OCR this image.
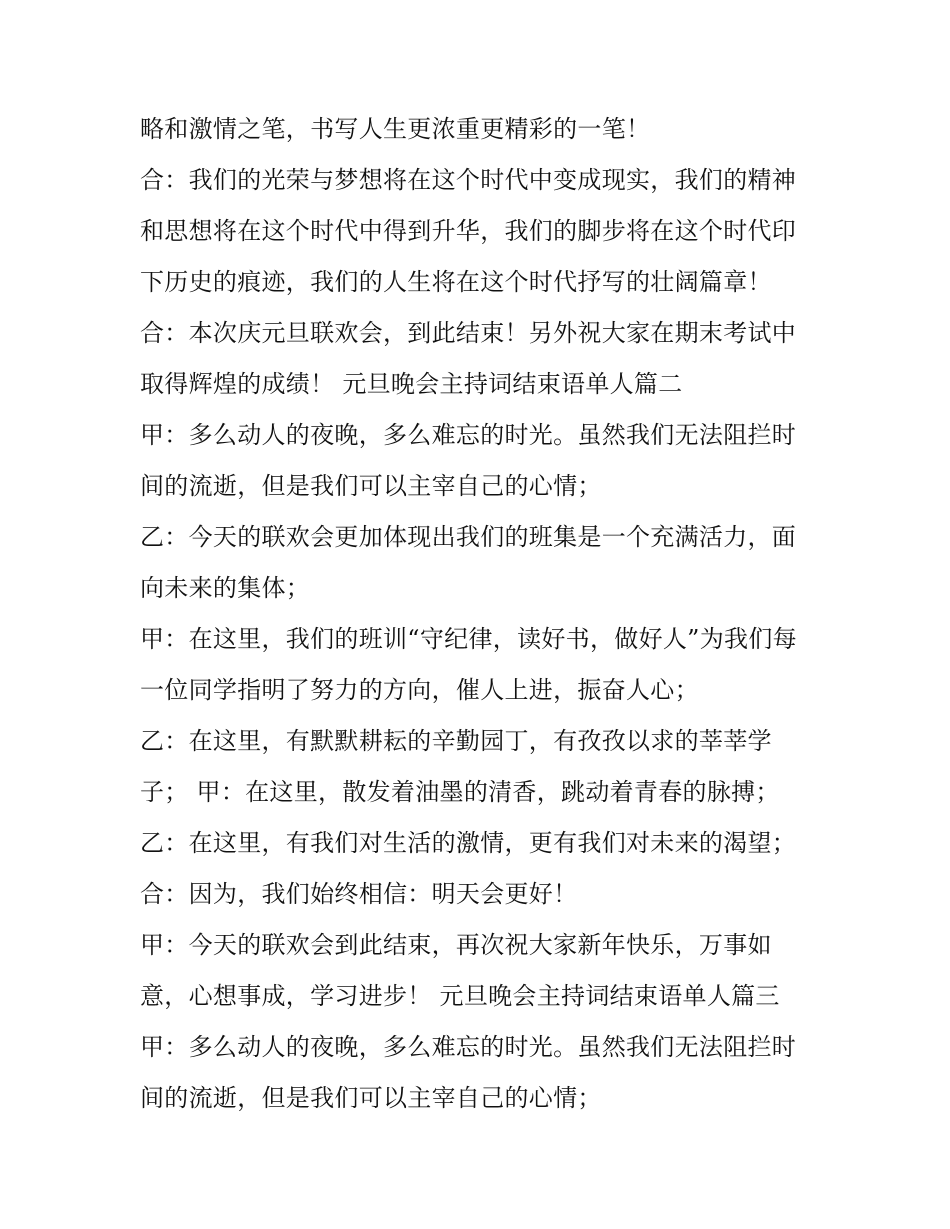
略和激情之笔，书写人生更浓重更精彩的一笔！
合：我们的光荣与梦想将在这个时代中变成现实，我们的精神
和思想将在这个时代中得到升华，我们的脚步将在这个时代印
下历史的痕迹，我们的人生将在这个时代抒写的壮阔篇章！
合：本次庆元旦联欢会，到此结束！另外祝大家在期末考试中
取得辉煌的成绩！ 元旦晚会主持词结束语单人篇二
甲：多么动人的夜晚，多么难忘的时光。虽然我们无法阻拦时
间的流逝，但是我们可以主宰自己的心情；
乙：今天的联欢会更加体现出我们的班集是一个充满活力，面
向未来的集体；
甲：在这里，我们的班训“守纪律，读好书，做好人”为我们每
一位同学指明了努力的方向，催人上进，振奋人心；
乙：在这里，有默默耕耘的辛勤园丁，有孜孜以求的莘莘学
子； 甲：在这里，散发着油墨的清香，跳动着青春的脉搏；
乙：在这里，有我们对生活的激情，更有我们对未来的渴望；
合：因为，我们始终相信：明天会更好！
甲：今天的联欢会到此结束，再次祝大家新年快乐，万事如
意，心想事成，学习进步！ 元旦晚会主持词结束语单人篇三
甲：多么动人的夜晚，多么难忘的时光。虽然我们无法阻拦时
间的流逝，但是我们可以主宰自己的心情；
